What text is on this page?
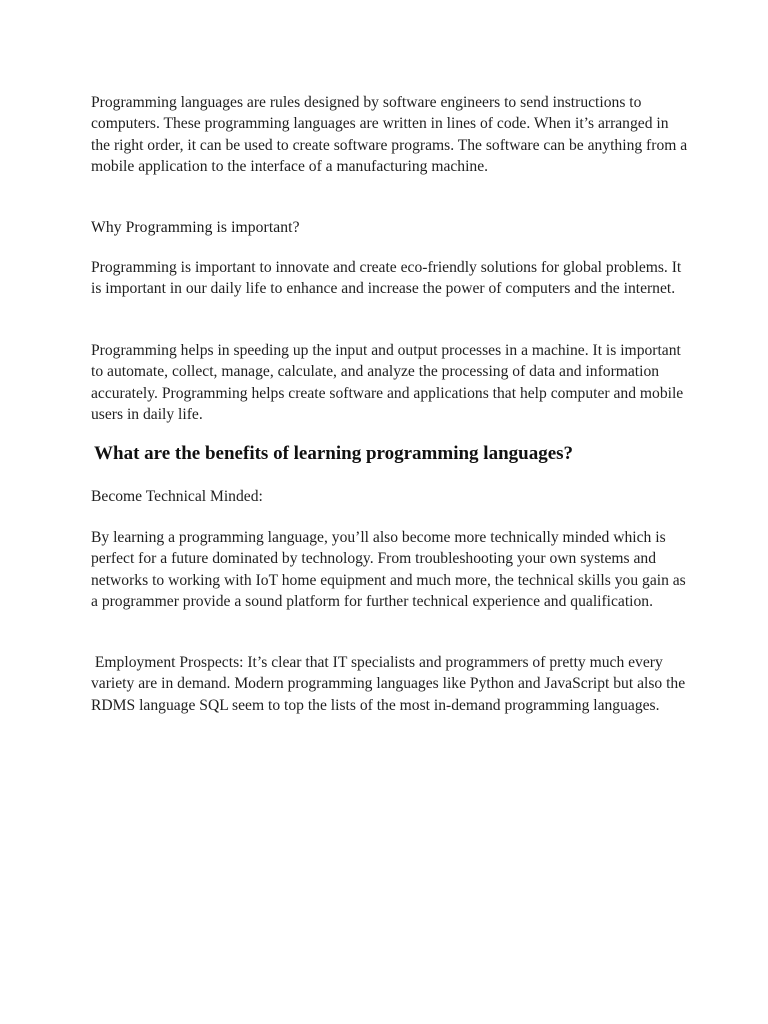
Programming languages are rules designed by software engineers to send instructions to computers. These programming languages are written in lines of code. When it’s arranged in the right order, it can be used to create software programs. The software can be anything from a mobile application to the interface of a manufacturing machine.

Why Programming is important?

Programming is important to innovate and create eco-friendly solutions for global problems. It is important in our daily life to enhance and increase the power of computers and the internet.

Programming helps in speeding up the input and output processes in a machine. It is important to automate, collect, manage, calculate, and analyze the processing of data and information accurately. Programming helps create software and applications that help computer and mobile users in daily life.

What are the benefits of learning programming languages?

Become Technical Minded:

By learning a programming language, you’ll also become more technically minded which is perfect for a future dominated by technology. From troubleshooting your own systems and networks to working with IoT home equipment and much more, the technical skills you gain as a programmer provide a sound platform for further technical experience and qualification.

Employment Prospects: It’s clear that IT specialists and programmers of pretty much every variety are in demand. Modern programming languages like Python and JavaScript but also the RDMS language SQL seem to top the lists of the most in-demand programming languages.
